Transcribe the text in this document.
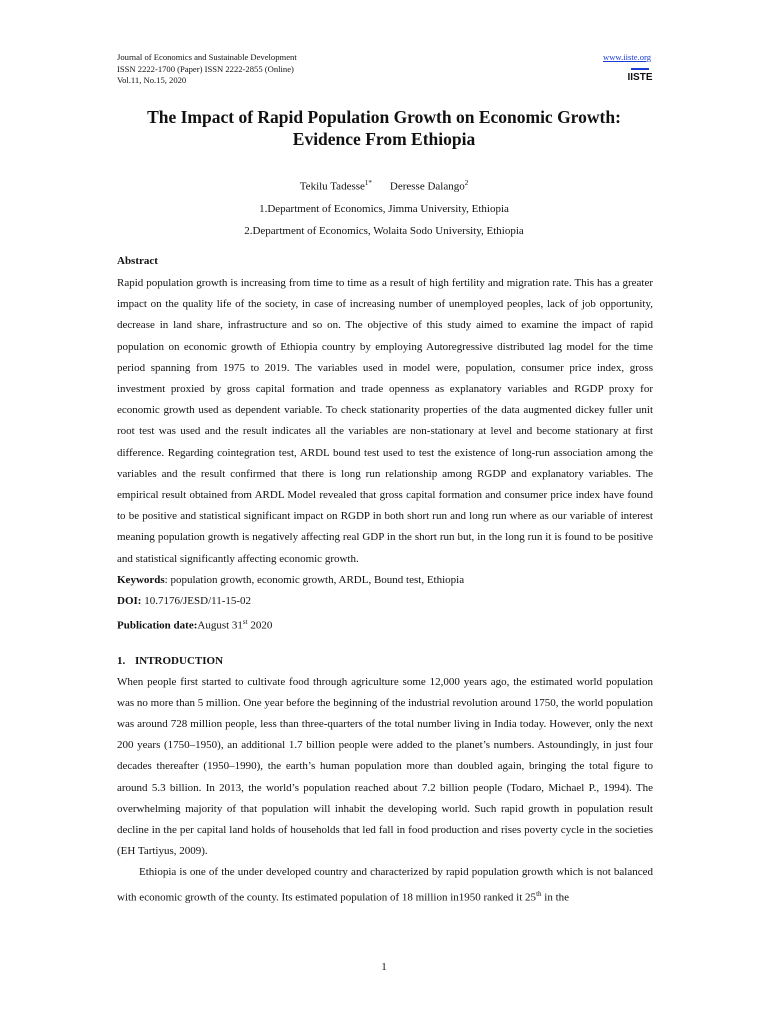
Journal of Economics and Sustainable Development
ISSN 2222-1700 (Paper) ISSN 2222-2855 (Online)
Vol.11, No.15, 2020
www.iiste.org
IISTE
The Impact of Rapid Population Growth on Economic Growth:
Evidence From Ethiopia
Tekilu Tadesse$^{1*}$ Deresse Dalango$^2$
1.Department of Economics, Jimma University, Ethiopia
2.Department of Economics, Wolaita Sodo University, Ethiopia

Abstract

Rapid population growth is increasing from time to time as a result of high fertility and migration rate. This has a greater impact on the quality life of the society, in case of increasing number of unemployed peoples, lack of job opportunity, decrease in land share, infrastructure and so on. The objective of this study aimed to examine the impact of rapid population on economic growth of Ethiopia country by employing Autoregressive distributed lag model for the time period spanning from 1975 to 2019. The variables used in model were, population, consumer price index, gross investment proxied by gross capital formation and trade openness as explanatory variables and RGDP proxy for economic growth used as dependent variable. To check stationarity properties of the data augmented dickey fuller unit root test was used and the result indicates all the variables are non-stationary at level and become stationary at first difference. Regarding cointegration test, ARDL bound test used to test the existence of long-run association among the variables and the result confirmed that there is long run relationship among RGDP and explanatory variables. The empirical result obtained from ARDL Model revealed that gross capital formation and consumer price index have found to be positive and statistical significant impact on RGDP in both short run and long run where as our variable of interest meaning population growth is negatively affecting real GDP in the short run but, in the long run it is found to be positive and statistical significantly affecting economic growth.

Keywords: population growth, economic growth, ARDL, Bound test, Ethiopia

DOI: 10.7176/JESD/11-15-02

Publication date:August 31st 2020

1. INTRODUCTION

When people first started to cultivate food through agriculture some 12,000 years ago, the estimated world population was no more than 5 million. One year before the beginning of the industrial revolution around 1750, the world population was around 728 million people, less than three-quarters of the total number living in India today. However, only the next 200 years (1750–1950), an additional 1.7 billion people were added to the planet’s numbers. Astoundingly, in just four decades thereafter (1950–1990), the earth’s human population more than doubled again, bringing the total figure to around 5.3 billion. In 2013, the world’s population reached about 7.2 billion people (Todaro, Michael P., 1994). The overwhelming majority of that population will inhabit the developing world. Such rapid growth in population result decline in the per capital land holds of households that led fall in food production and rises poverty cycle in the societies (EH Tartiyus, 2009).

Ethiopia is one of the under developed country and characterized by rapid population growth which is not balanced with economic growth of the county. Its estimated population of 18 million in1950 ranked it 25th in the

1
